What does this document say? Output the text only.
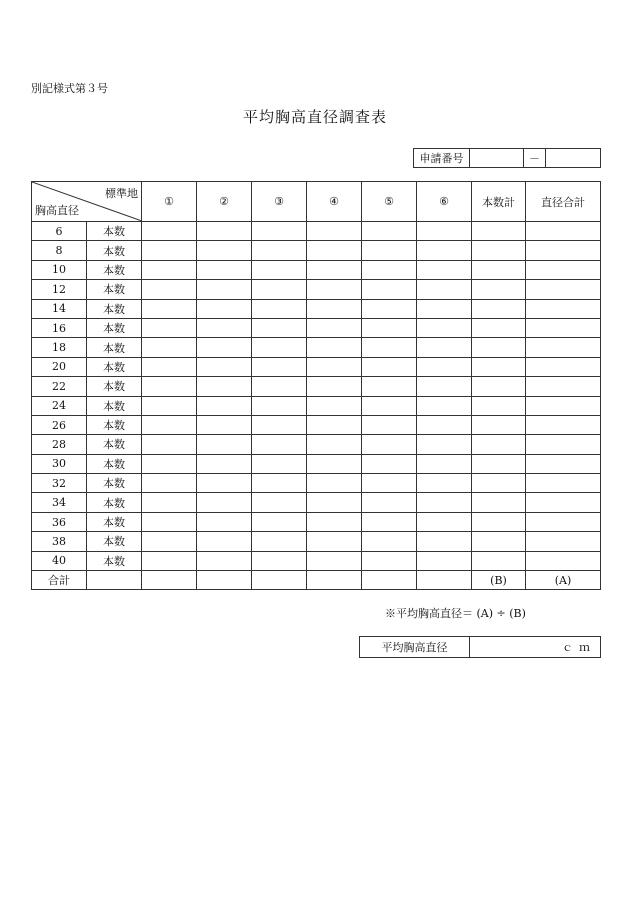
別記様式第３号
平均胸高直径調査表
申請番号		－	
標準地
胸高直径		①	②	③	④	⑤	⑥	本数計	直径合計
6	本数								
8	本数								
10	本数								
12	本数								
14	本数								
16	本数								
18	本数								
20	本数								
22	本数								
24	本数								
26	本数								
28	本数								
30	本数								
32	本数								
34	本数								
36	本数								
38	本数								
40	本数								
合計								(B)	(A)
※平均胸高直径＝ (A) ÷ (B)
平均胸高直径	ｃｍ
